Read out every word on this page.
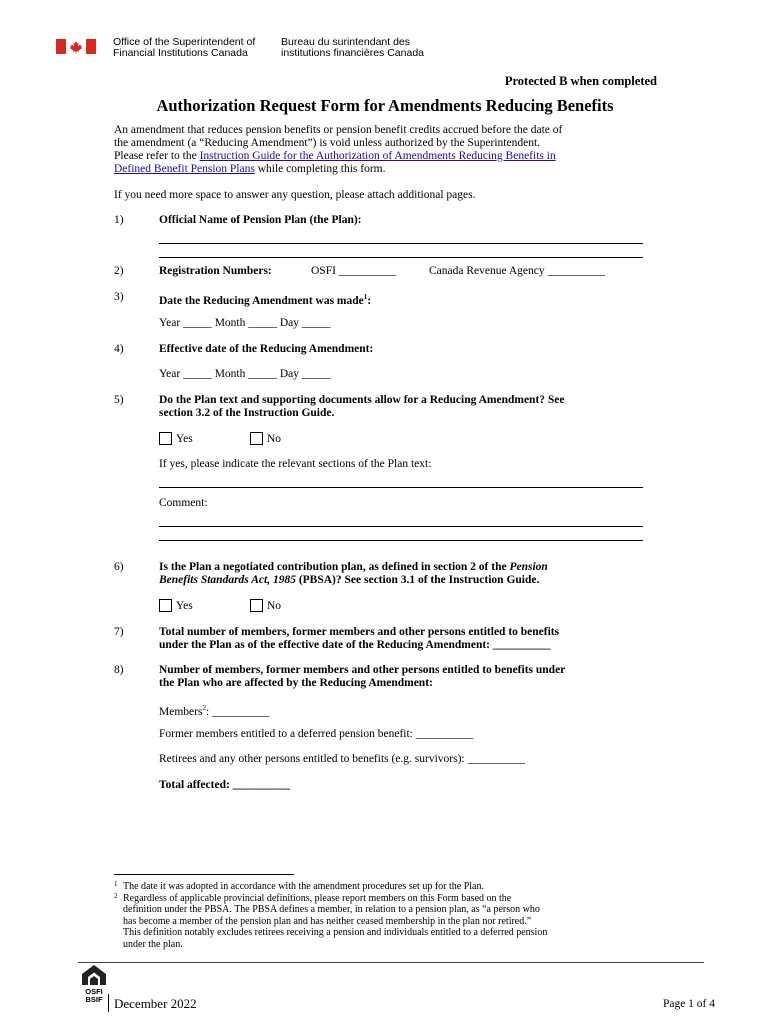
Office of the Superintendent of
Financial Institutions Canada
Bureau du surintendant des
institutions financières Canada
Protected B when completed
Authorization Request Form for Amendments Reducing Benefits
An amendment that reduces pension benefits or pension benefit credits accrued before the date of
the amendment (a “Reducing Amendment”) is void unless authorized by the Superintendent.
Please refer to the Instruction Guide for the Authorization of Amendments Reducing Benefits in
Defined Benefit Pension Plans while completing this form.
If you need more space to answer any question, please attach additional pages.
1)	Official Name of Pension Plan (the Plan):
2)	Registration Numbers:	OSFI __________	Canada Revenue Agency __________
3)	Date the Reducing Amendment was made$^1$:
Year _____ Month _____ Day _____
4)	Effective date of the Reducing Amendment:
Year _____ Month _____ Day _____
5)	Do the Plan text and supporting documents allow for a Reducing Amendment? See
section 3.2 of the Instruction Guide.
Yes	No
If yes, please indicate the relevant sections of the Plan text:
Comment:
6)	Is the Plan a negotiated contribution plan, as defined in section 2 of the Pension
Benefits Standards Act, 1985 (PBSA)? See section 3.1 of the Instruction Guide.
Yes	No
7)	Total number of members, former members and other persons entitled to benefits
under the Plan as of the effective date of the Reducing Amendment: __________
8)	Number of members, former members and other persons entitled to benefits under
the Plan who are affected by the Reducing Amendment:
Members$^2$: __________
Former members entitled to a deferred pension benefit: __________
Retirees and any other persons entitled to benefits (e.g. survivors): __________
Total affected: __________
1 The date it was adopted in accordance with the amendment procedures set up for the Plan.
2 Regardless of applicable provincial definitions, please report members on this Form based on the
definition under the PBSA. The PBSA defines a member, in relation to a pension plan, as “a person who
has become a member of the pension plan and has neither ceased membership in the plan nor retired.”
This definition notably excludes retirees receiving a pension and individuals entitled to a deferred pension
under the plan.
OSFI
BSIF December 2022	Page 1 of 4
